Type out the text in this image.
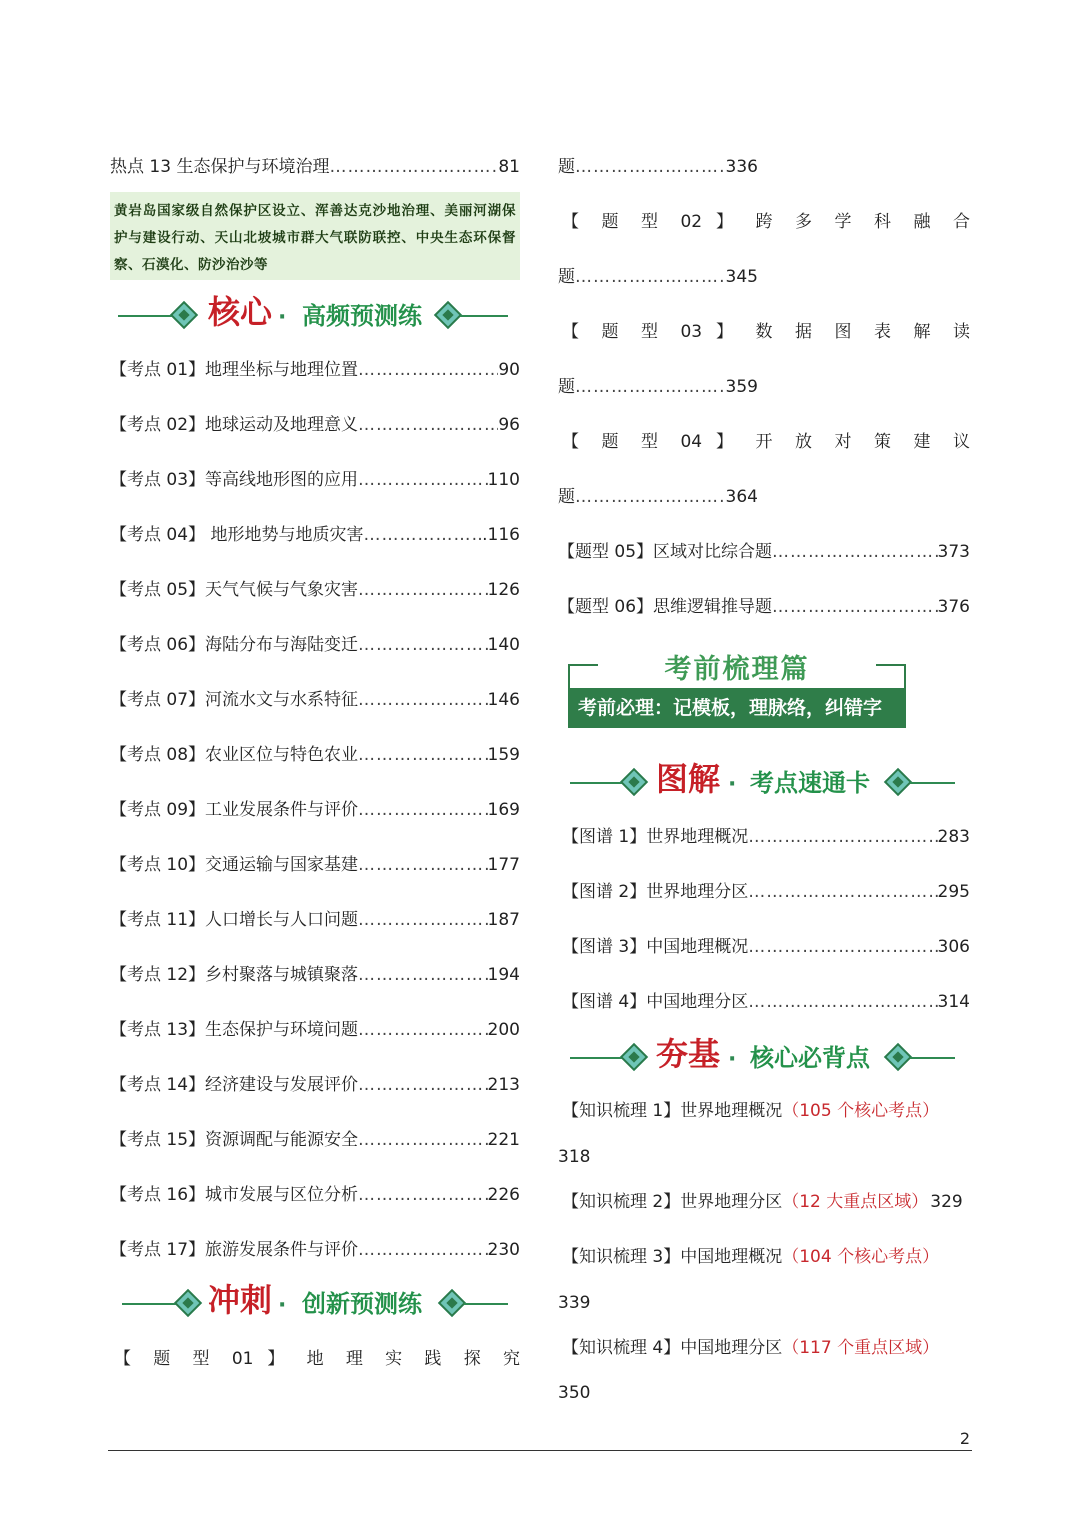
热点 13 生态保护与环境治理 ……………………………………………………………………………………………………………………	81
黄岩岛国家级自然保护区设立、浑善达克沙地治理、美丽河湖保护与建设行动、天山北坡城市群大气联防联控、中央生态环保督察、石漠化、防沙治沙等
核心 · 高频预测练
【考点 01】地理坐标与地理位置 ……………………………………………………………………………………………………………………	90
【考点 02】地球运动及地理意义 ……………………………………………………………………………………………………………………	96
【考点 03】等高线地形图的应用 ……………………………………………………………………………………………………………………	110
【考点 04】 地形地势与地质灾害 ……………………………………………………………………………………………………………………	.116
【考点 05】天气气候与气象灾害 ……………………………………………………………………………………………………………………	126
【考点 06】海陆分布与海陆变迁 ……………………………………………………………………………………………………………………	140
【考点 07】河流水文与水系特征 ……………………………………………………………………………………………………………………	146
【考点 08】农业区位与特色农业 ……………………………………………………………………………………………………………………	159
【考点 09】工业发展条件与评价 ……………………………………………………………………………………………………………………	169
【考点 10】交通运输与国家基建 ……………………………………………………………………………………………………………………	177
【考点 11】人口增长与人口问题 ……………………………………………………………………………………………………………………	187
【考点 12】乡村聚落与城镇聚落 ……………………………………………………………………………………………………………………	194
【考点 13】生态保护与环境问题 ……………………………………………………………………………………………………………………	200
【考点 14】经济建设与发展评价 ……………………………………………………………………………………………………………………	213
【考点 15】资源调配与能源安全 ……………………………………………………………………………………………………………………	221
【考点 16】城市发展与区位分析 ……………………………………………………………………………………………………………………	226
【考点 17】旅游发展条件与评价 ……………………………………………………………………………………………………………………	230
冲刺 · 创新预测练
【 题 型 01 】 地 理 实 践 探 究
题 ……………………………………………………………………………………………………………………	336
【 题 型 02 】 跨 多 学 科 融 合
题 ……………………………………………………………………………………………………………………	345
【 题 型 03 】 数 据 图 表 解 读
题 ……………………………………………………………………………………………………………………	359
【 题 型 04 】 开 放 对 策 建 议
题 ……………………………………………………………………………………………………………………	364
【题型 05】区域对比综合题 ……………………………………………………………………………………………………………………	373
【题型 06】思维逻辑推导题 ……………………………………………………………………………………………………………………	376
考前梳理篇
考前必理：记模板，理脉络，纠错字
图解 · 考点速通卡
【图谱 1】世界地理概况 ……………………………………………………………………………………………………………………	283
【图谱 2】世界地理分区 ……………………………………………………………………………………………………………………	295
【图谱 3】中国地理概况 ……………………………………………………………………………………………………………………	306
【图谱 4】中国地理分区 ……………………………………………………………………………………………………………………	314
夯基 · 核心必背点
【知识梳理 1】世界地理概况（105 个核心考点）
318
【知识梳理 2】世界地理分区（12 大重点区域） 329
【知识梳理 3】中国地理概况（104 个核心考点）
339
【知识梳理 4】中国地理分区（117 个重点区域）
350
2
